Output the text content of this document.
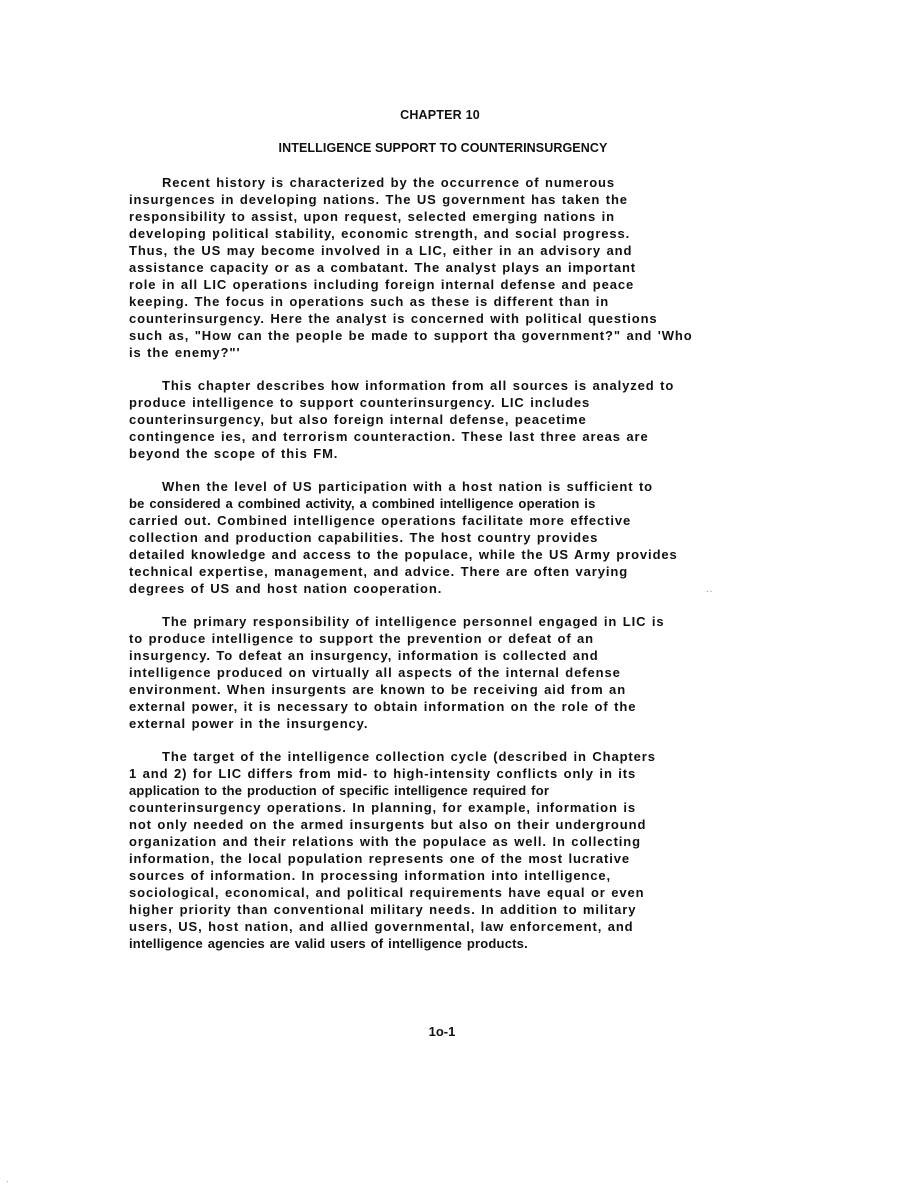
CHAPTER 10
INTELLIGENCE SUPPORT TO COUNTERINSURGENCY
Recent history is characterized by the occurrence of numerous
insurgences in developing nations. The US government has taken the
responsibility to assist, upon request, selected emerging nations in
developing political stability, economic strength, and social progress.
Thus, the US may become involved in a LIC, either in an advisory and
assistance capacity or as a combatant. The analyst plays an important
role in all LIC operations including foreign internal defense and peace
keeping. The focus in operations such as these is different than in
counterinsurgency. Here the analyst is concerned with political questions
such as, "How can the people be made to support tha government?" and 'Who
is the enemy?"'
This chapter describes how information from all sources is analyzed to
produce intelligence to support counterinsurgency. LIC includes
counterinsurgency, but also foreign internal defense, peacetime
contingence ies, and terrorism counteraction. These last three areas are
beyond the scope of this FM.
When the level of US participation with a host nation is sufficient to
be considered a combined activity, a combined intelligence operation is
carried out. Combined intelligence operations facilitate more effective
collection and production capabilities. The host country provides
detailed knowledge and access to the populace, while the US Army provides
technical expertise, management, and advice. There are often varying
degrees of US and host nation cooperation.
The primary responsibility of intelligence personnel engaged in LIC is
to produce intelligence to support the prevention or defeat of an
insurgency. To defeat an insurgency, information is collected and
intelligence produced on virtually all aspects of the internal defense
environment. When insurgents are known to be receiving aid from an
external power, it is necessary to obtain information on the role of the
external power in the insurgency.
The target of the intelligence collection cycle (described in Chapters
1 and 2) for LIC differs from mid- to high-intensity conflicts only in its
application to the production of specific intelligence required for
counterinsurgency operations. In planning, for example, information is
not only needed on the armed insurgents but also on their underground
organization and their relations with the populace as well. In collecting
information, the local population represents one of the most lucrative
sources of information. In processing information into intelligence,
sociological, economical, and political requirements have equal or even
higher priority than conventional military needs. In addition to military
users, US, host nation, and allied governmental, law enforcement, and
intelligence agencies are valid users of intelligence products.
··
1o-1
·
